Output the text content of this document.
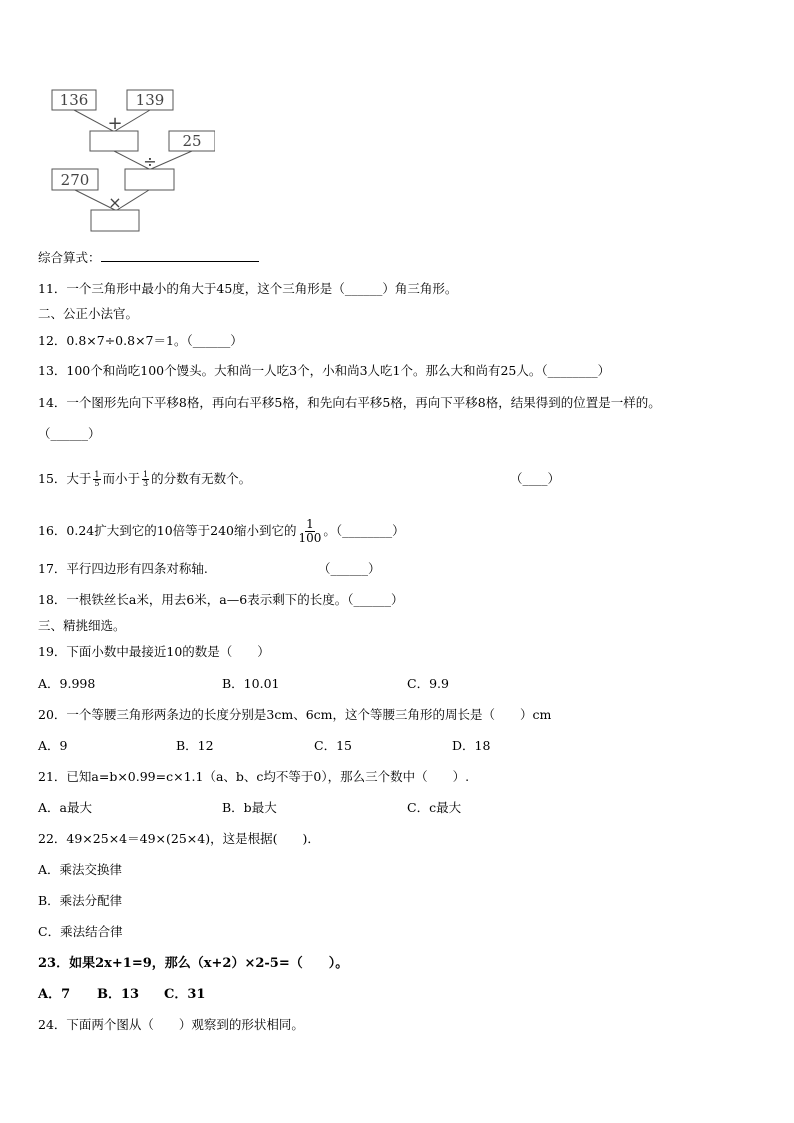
136	139
25
270
+
÷
×
综合算式：
11．一个三角形中最小的角大于45度，这个三角形是（______）角三角形。
二、公正小法官。
12．0.8×7÷0.8×7＝1。（______）
13．100个和尚吃100个馒头。大和尚一人吃3个，小和尚3人吃1个。那么大和尚有25人。（________）
14．一个图形先向下平移8格，再向右平移5格，和先向右平移5格，再向下平移8格，结果得到的位置是一样的。
（______）
15．大于 $\frac{1}{5}$ 而小于 $\frac{1}{3}$ 的分数有无数个。	（____）
16．0.24扩大到它的10倍等于240缩小到它的 $\frac{1}{100}$ 。（________）
17．平行四边形有四条对称轴.	（______）
18．一根铁丝长a米，用去6米，a—6表示剩下的长度。（______）
三、精挑细选。
19．下面小数中最接近10的数是（　　）
A．9.998	B．10.01	C．9.9
20．一个等腰三角形两条边的长度分别是3cm、6cm，这个等腰三角形的周长是（　　）cm
A．9	B．12	C．15	D．18
21．已知a=b×0.99=c×1.1（a、b、c均不等于0），那么三个数中（　　）.
A．a最大	B．b最大	C．c最大
22．49×25×4＝49×(25×4)，这是根据(　　)．
A．乘法交换律
B．乘法分配律
C．乘法结合律
23．如果2x+1=9，那么（x+2）×2-5=（　　）。
A．7 B．13 C．31
24．下面两个图从（　　）观察到的形状相同。
